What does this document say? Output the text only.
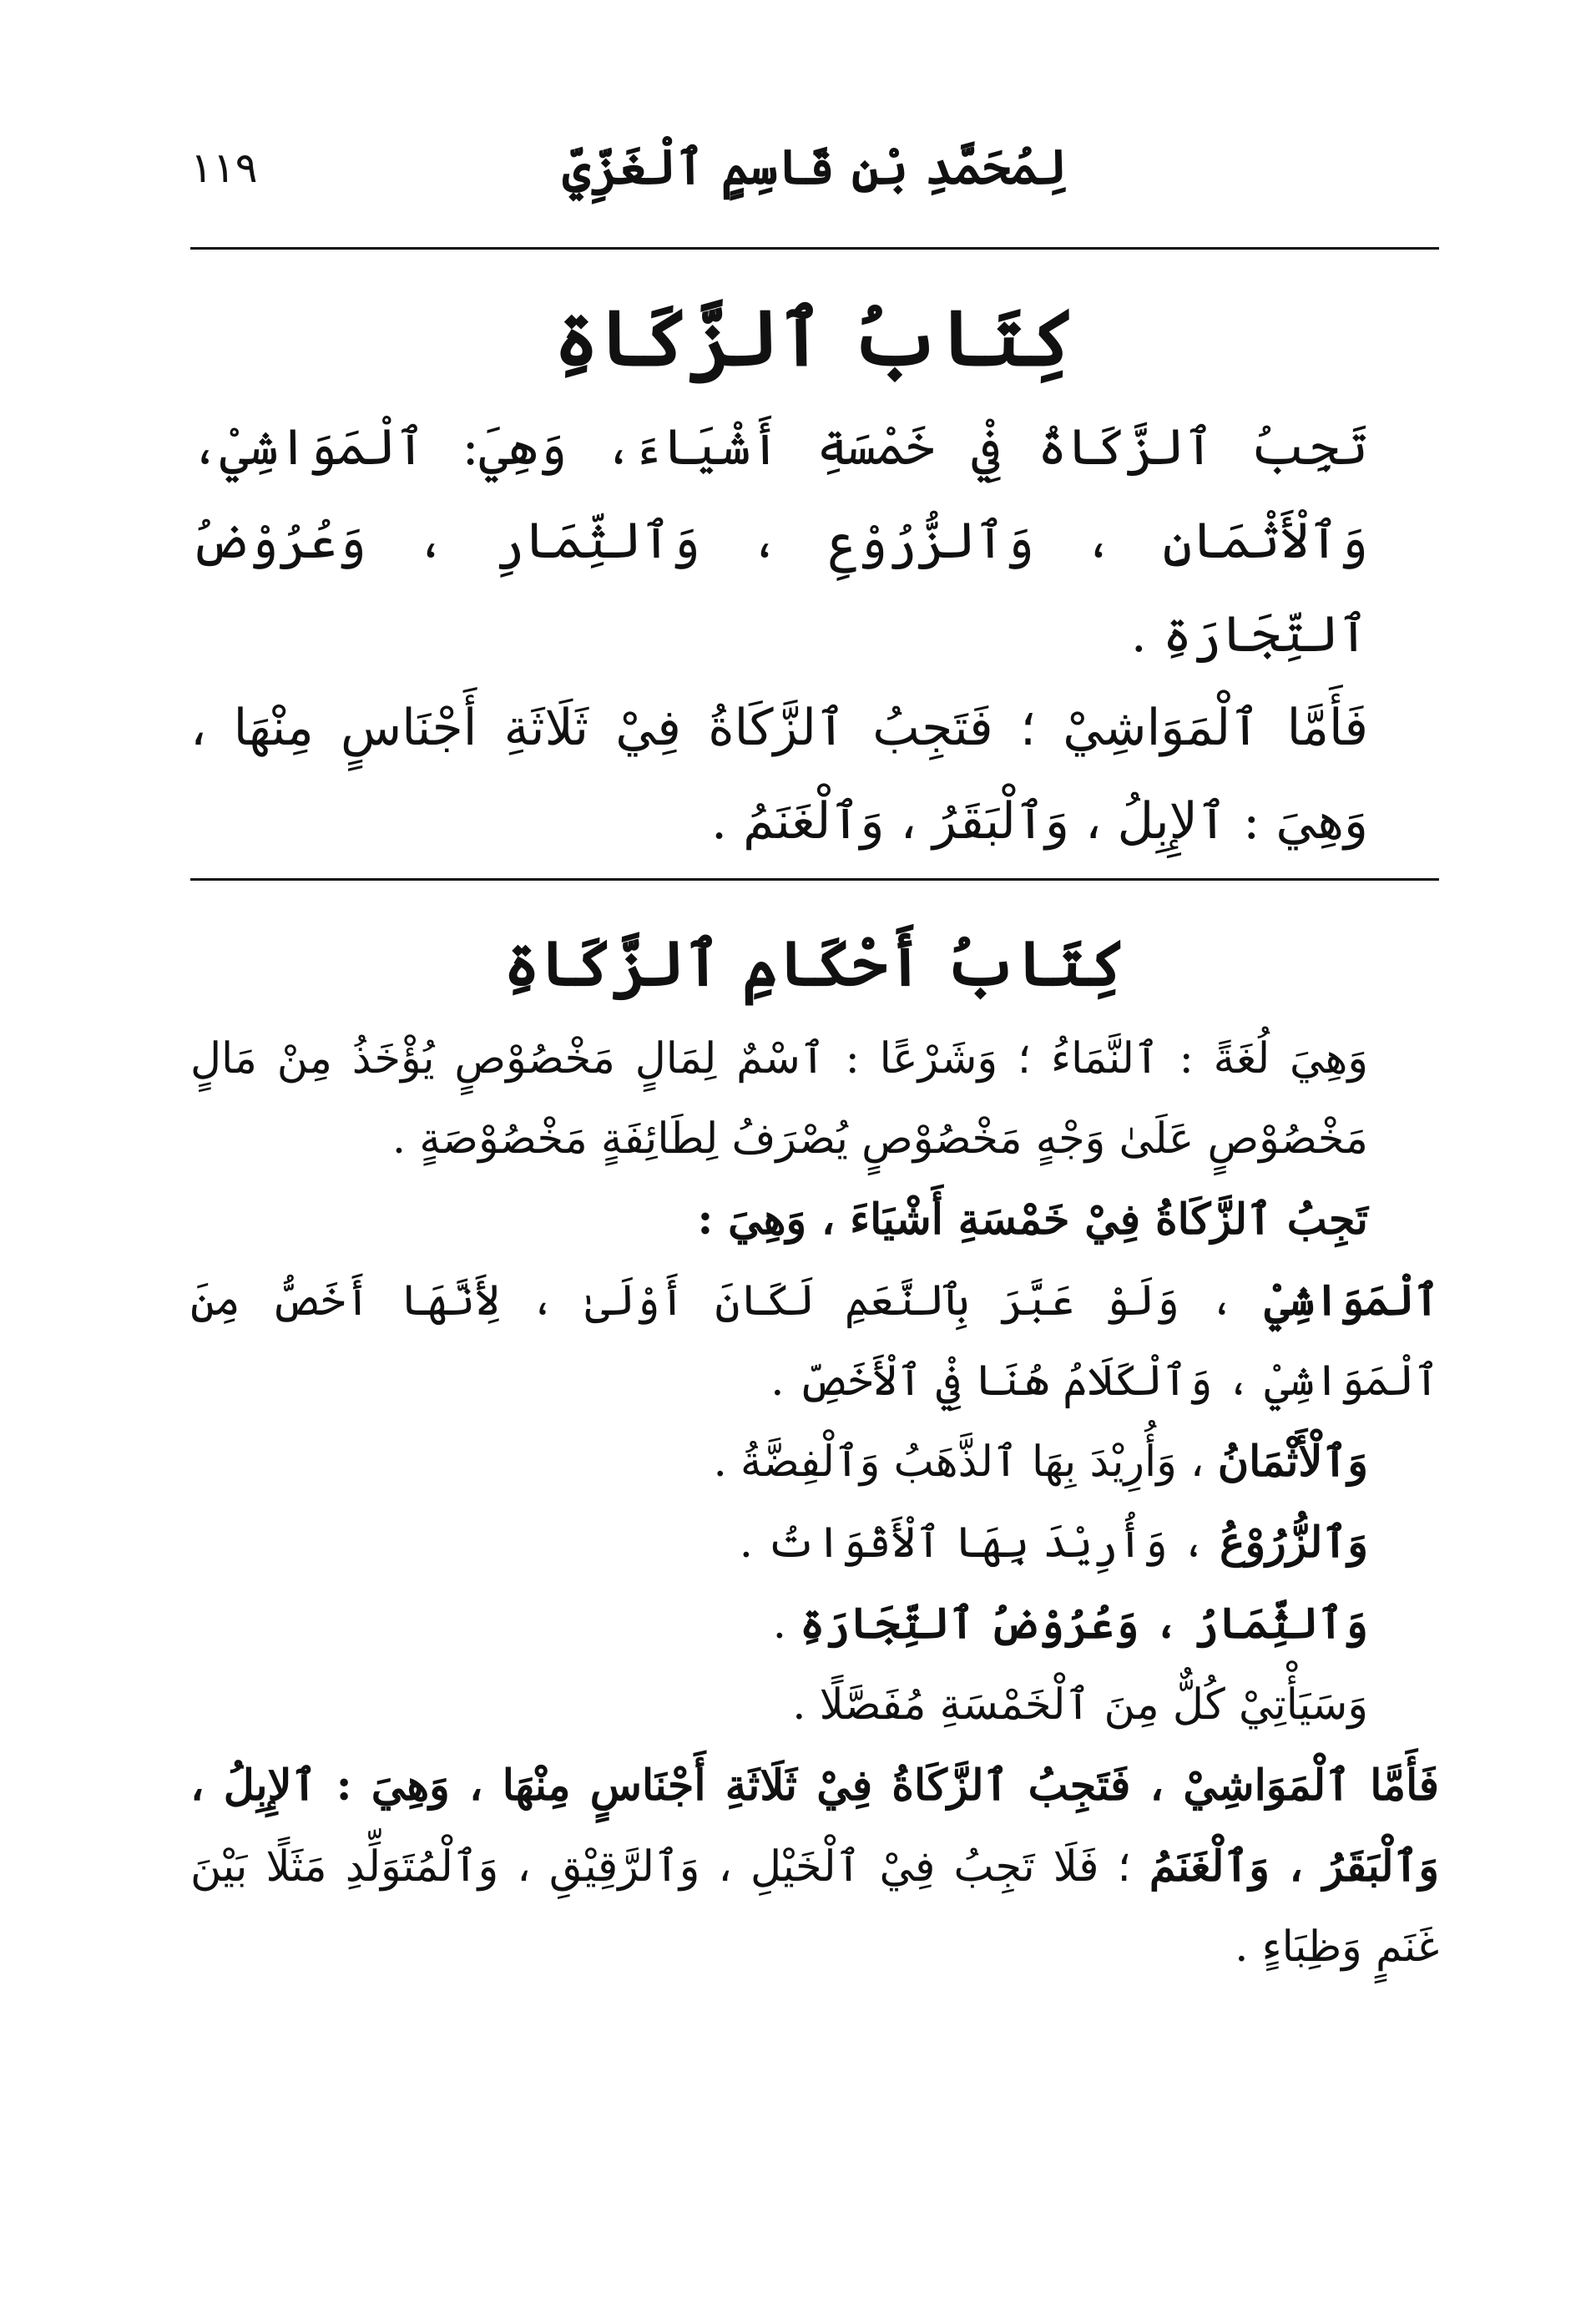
١١٩	لِمُحَمَّدِ بْنِ قَاسِمٍ ٱلْغَزِّيِّ
كِتَابُ ٱلزَّكَاةِ

تَجِبُ ٱلزَّكَاةُ فِيْ خَمْسَةِ أَشْيَاءَ، وَهِيَ: ٱلْمَوَاشِيْ، وَٱلْأَثْمَانِ ، وَٱلزُّرُوْعِ ، وَٱلثِّمَارِ ، وَعُرُوْضُ ٱلتِّجَارَةِ .

فَأَمَّا ٱلْمَوَاشِيْ ؛ فَتَجِبُ ٱلزَّكَاةُ فِيْ ثَلَاثَةِ أَجْنَاسٍ مِنْهَا ، وَهِيَ : ٱلإِبِلُ ، وَٱلْبَقَرُ ، وَٱلْغَنَمُ .

كِتَابُ أَحْكَامِ ٱلزَّكَاةِ

وَهِيَ لُغَةً : ٱلنَّمَاءُ ؛ وَشَرْعًا : ٱسْمٌ لِمَالٍ مَخْصُوْصٍ يُؤْخَذُ مِنْ مَالٍ مَخْصُوْصٍ عَلَىٰ وَجْهٍ مَخْصُوْصٍ يُصْرَفُ لِطَائِفَةٍ مَخْصُوْصَةٍ .

تَجِبُ ٱلزَّكَاةُ فِيْ خَمْسَةِ أَشْيَاءَ ، وَهِيَ :

ٱلْمَوَاشِيْ ، وَلَوْ عَبَّرَ بِٱلنَّعَمِ لَكَانَ أَوْلَىٰ ، لِأَنَّهَا أَخَصُّ مِنَ ٱلْمَوَاشِيْ ، وَٱلْكَلَامُ هُنَا فِيْ ٱلْأَخَصِّ .

وَٱلْأَثْمَانُ ، وَأُرِيْدَ بِهَا ٱلذَّهَبُ وَٱلْفِضَّةُ .

وَٱلزُّرُوْعُ ، وَأُرِيْدَ بِهَا ٱلْأَقْوَاتُ .

وَٱلثِّمَارُ ، وَعُرُوْضُ ٱلتِّجَارَةِ .

وَسَيَأْتِيْ كُلٌّ مِنَ ٱلْخَمْسَةِ مُفَصَّلًا .

فَأَمَّا ٱلْمَوَاشِيْ ، فَتَجِبُ ٱلزَّكَاةُ فِيْ ثَلَاثَةِ أَجْنَاسٍ مِنْهَا ، وَهِيَ : ٱلإِبِلُ ، وَٱلْبَقَرُ ، وَٱلْغَنَمُ ؛ فَلَا تَجِبُ فِيْ ٱلْخَيْلِ ، وَٱلرَّقِيْقِ ، وَٱلْمُتَوَلِّدِ مَثَلًا بَيْنَ غَنَمٍ وَظِبَاءٍ .
